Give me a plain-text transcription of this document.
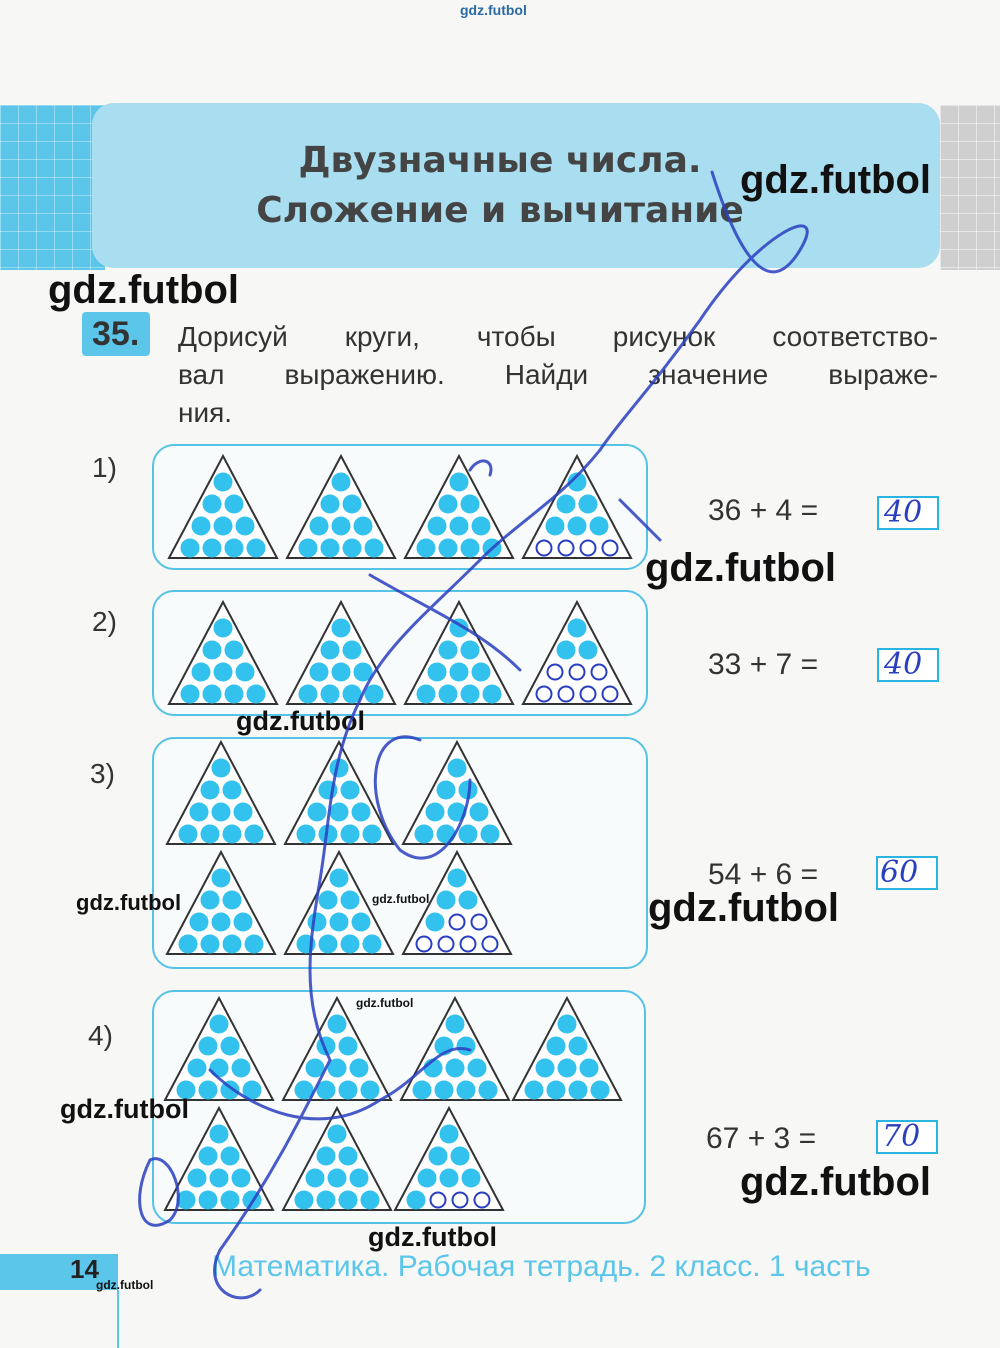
Двузначные числа.
Сложение и вычитание
gdz.futbol
gdz.futbol
gdz.futbol
35.	Дорисуй круги, чтобы рисунок соответство-
вал выражению. Найди значение выраже-
ния.
1)
36 + 4 = 40
gdz.futbol
2)
33 + 7 = 40
gdz.futbol
3)
54 + 6 = 60
gdz.futbol	gdz.futbol	gdz.futbol
4)
67 + 3 = 70
gdz.futbol
gdz.futbol
gdz.futbol
gdz.futbol
14	Математика. Рабочая тетрадь. 2 класс. 1 часть
gdz.futbol
